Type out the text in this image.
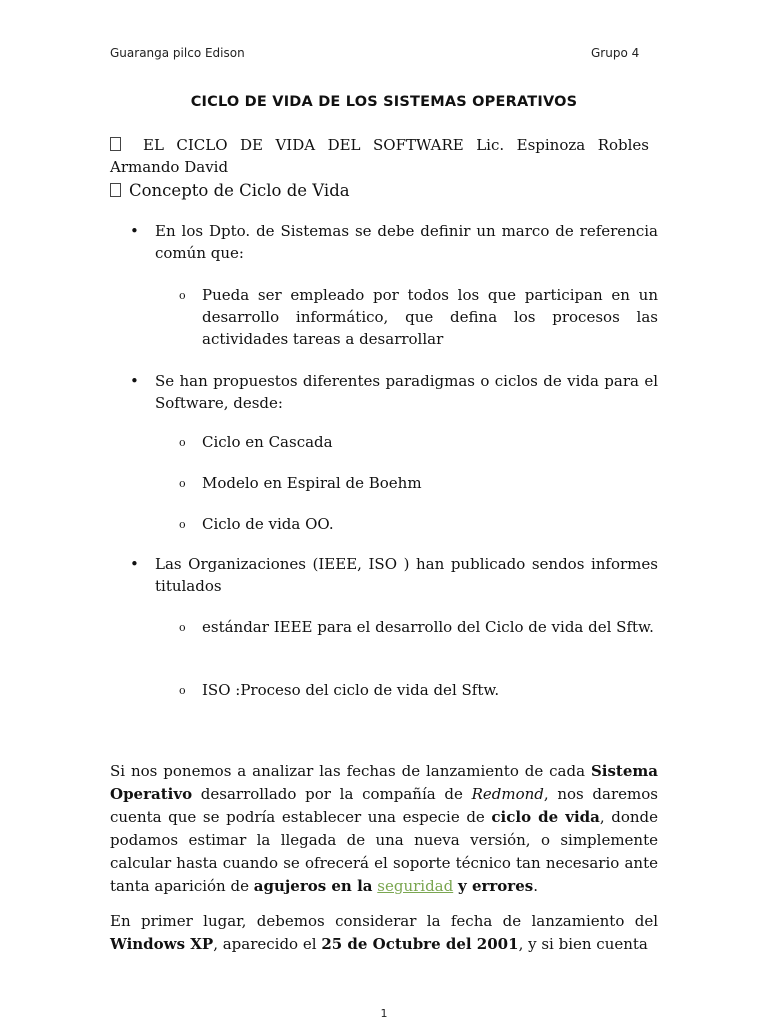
Guaranga pilco Edison	Grupo 4
CICLO DE VIDA DE LOS SISTEMAS OPERATIVOS
EL CICLO DE VIDA DEL SOFTWARE Lic. Espinoza Robles
Armando David
Concepto de Ciclo de Vida
• En los Dpto. de Sistemas se debe definir un marco de referencia común que:
o Pueda ser empleado por todos los que participan en un desarrollo informático, que defina los procesos las actividades tareas a desarrollar
• Se han propuestos diferentes paradigmas o ciclos de vida para el Software, desde:
o Ciclo en Cascada
o Modelo en Espiral de Boehm
o Ciclo de vida OO.
• Las Organizaciones (IEEE, ISO ) han publicado sendos informes titulados
o estándar IEEE para el desarrollo del Ciclo de vida del Sftw.
o ISO :Proceso del ciclo de vida del Sftw.
Si nos ponemos a analizar las fechas de lanzamiento de cada Sistema Operativo desarrollado por la compañía de Redmond, nos daremos cuenta que se podría establecer una especie de ciclo de vida, donde podamos estimar la llegada de una nueva versión, o simplemente calcular hasta cuando se ofrecerá el soporte técnico tan necesario ante tanta aparición de agujeros en la seguridad y errores.
En primer lugar, debemos considerar la fecha de lanzamiento del Windows XP, aparecido el 25 de Octubre del 2001, y si bien cuenta
1
